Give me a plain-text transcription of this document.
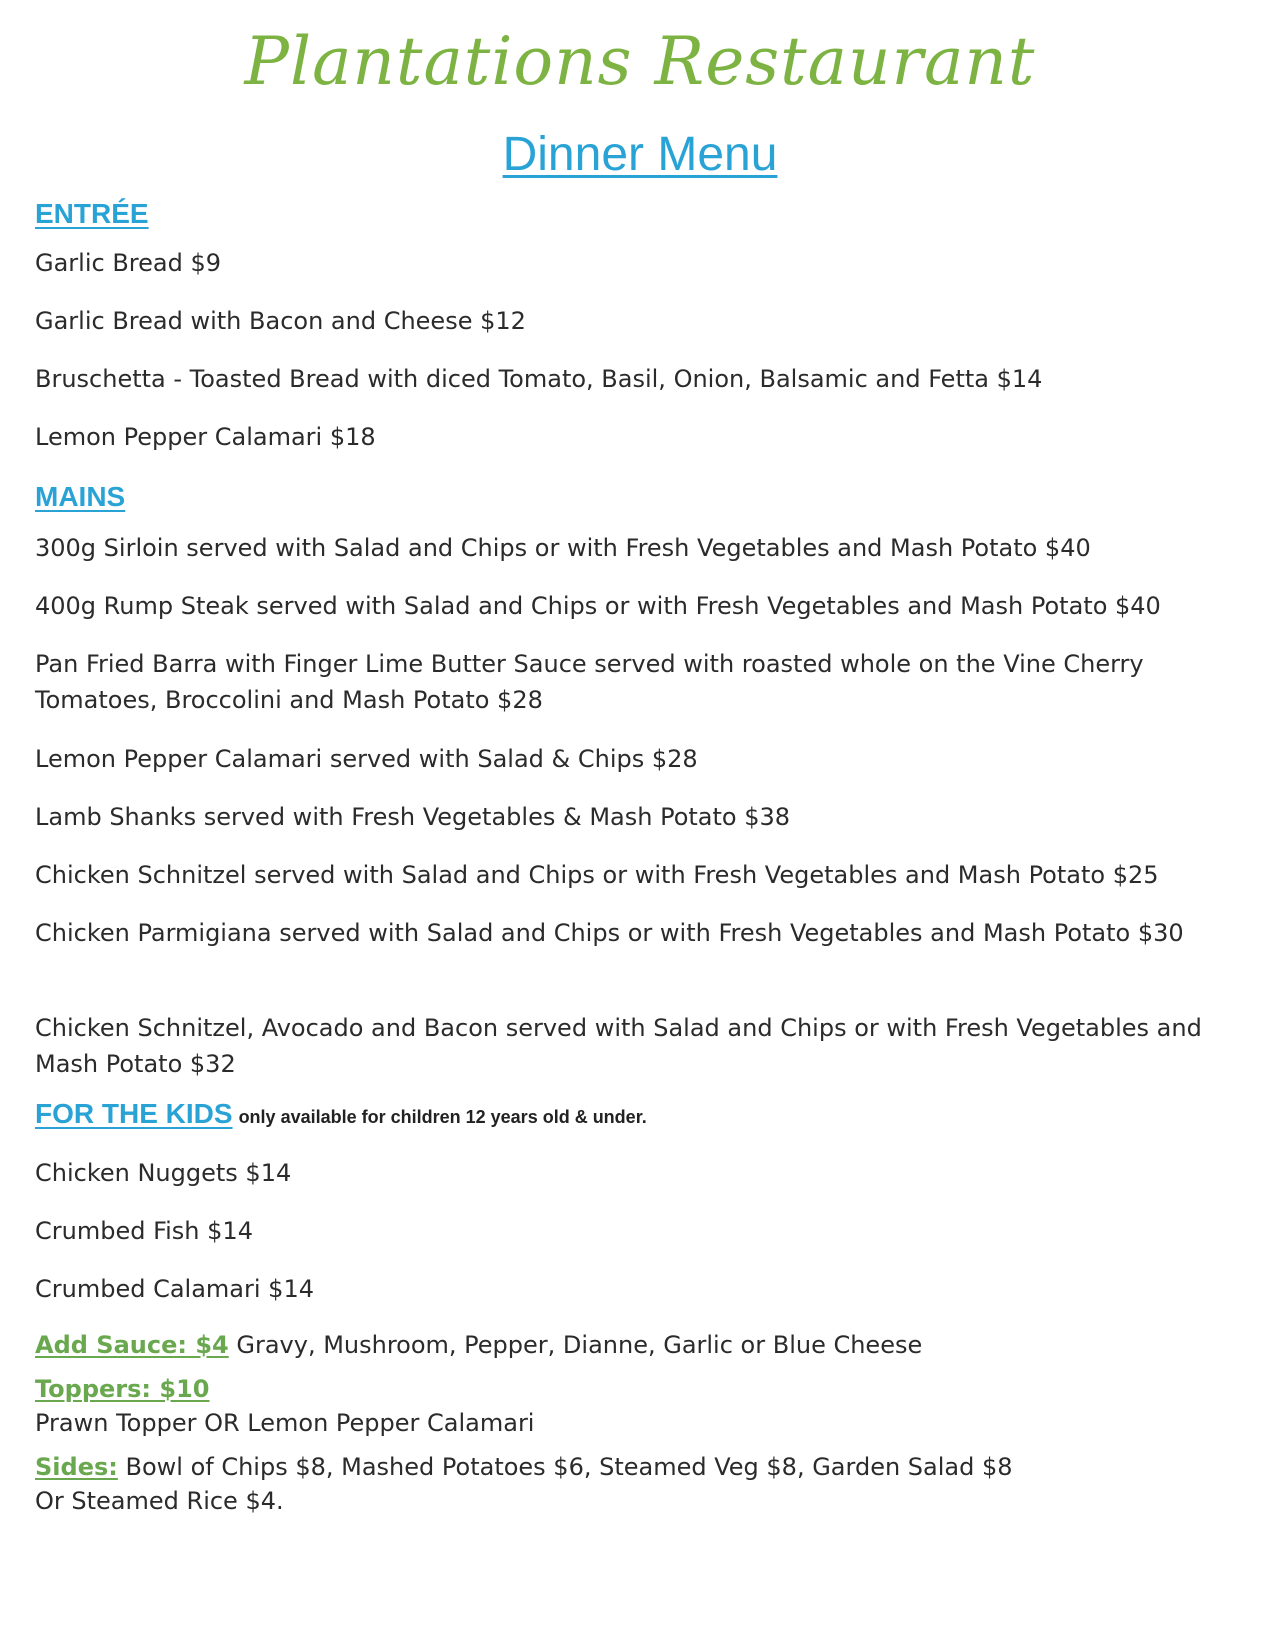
Plantations Restaurant
Dinner Menu
ENTRÉE
Garlic Bread $9
Garlic Bread with Bacon and Cheese $12
Bruschetta - Toasted Bread with diced Tomato, Basil, Onion, Balsamic and Fetta $14
Lemon Pepper Calamari $18
MAINS
300g Sirloin served with Salad and Chips or with Fresh Vegetables and Mash Potato $40
400g Rump Steak served with Salad and Chips or with Fresh Vegetables and Mash Potato $40
Pan Fried Barra with Finger Lime Butter Sauce served with roasted whole on the Vine Cherry Tomatoes, Broccolini and Mash Potato $28
Lemon Pepper Calamari served with Salad & Chips $28
Lamb Shanks served with Fresh Vegetables & Mash Potato $38
Chicken Schnitzel served with Salad and Chips or with Fresh Vegetables and Mash Potato $25
Chicken Parmigiana served with Salad and Chips or with Fresh Vegetables and Mash Potato $30
Chicken Schnitzel, Avocado and Bacon served with Salad and Chips or with Fresh Vegetables and Mash Potato $32
FOR THE KIDS only available for children 12 years old & under.
Chicken Nuggets $14
Crumbed Fish $14
Crumbed Calamari $14
Add Sauce: $4 Gravy, Mushroom, Pepper, Dianne, Garlic or Blue Cheese
Toppers: $10
Prawn Topper OR Lemon Pepper Calamari
Sides: Bowl of Chips $8, Mashed Potatoes $6, Steamed Veg $8, Garden Salad $8
Or Steamed Rice $4.
